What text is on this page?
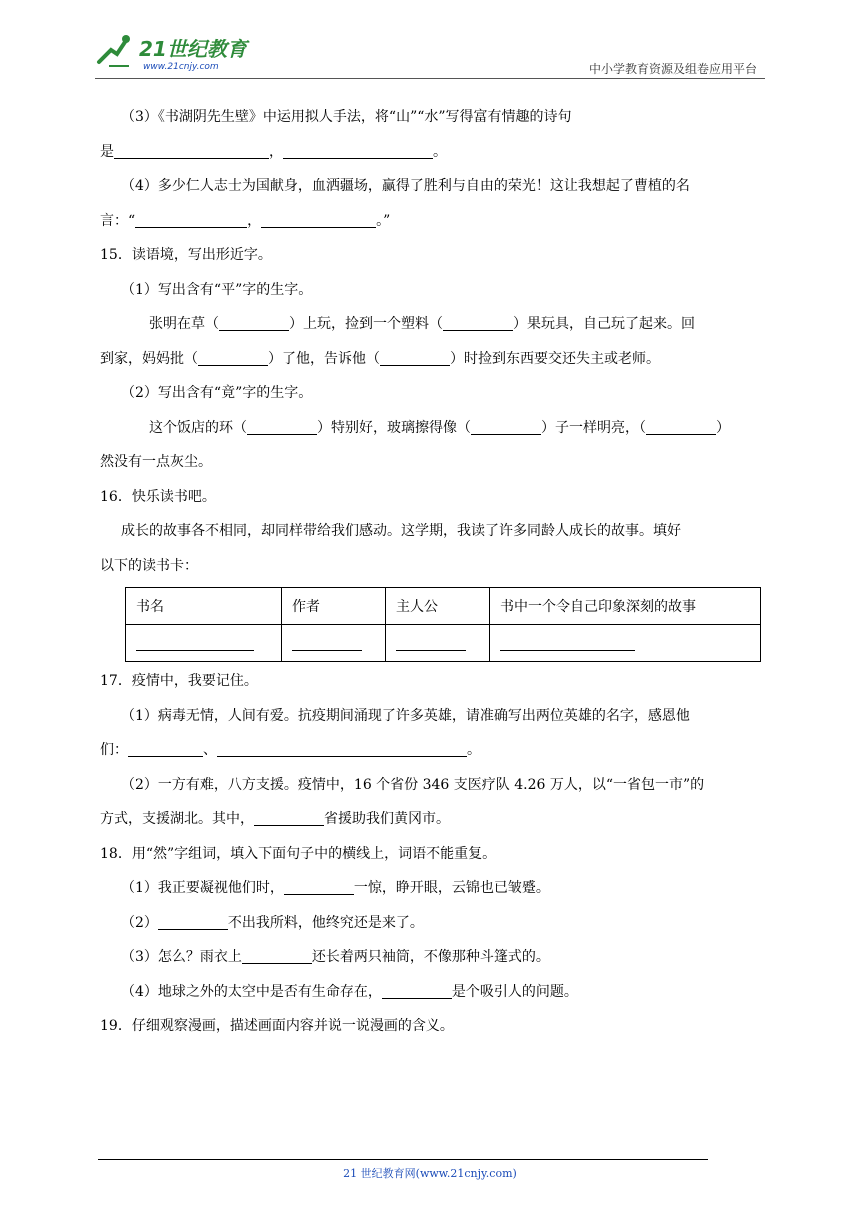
21世纪教育
www.21cnjy.com	中小学教育资源及组卷应用平台
（3）《书湖阴先生壁》中运用拟人手法，将“山”“水”写得富有情趣的诗句
是	，	。
（4）多少仁人志士为国献身，血洒疆场，赢得了胜利与自由的荣光！这让我想起了曹植的名
言：“	，	。”
15．读语境，写出形近字。
（1）写出含有“平”字的生字。
张明在草（	）上玩，捡到一个塑料（	）果玩具，自己玩了起来。回
到家，妈妈批（	）了他，告诉他（	）时捡到东西要交还失主或老师。
（2）写出含有“竟”字的生字。
这个饭店的环（	）特别好，玻璃擦得像（	）子一样明亮，（	）
然没有一点灰尘。
16．快乐读书吧。
成长的故事各不相同，却同样带给我们感动。这学期，我读了许多同龄人成长的故事。填好
以下的读书卡：
书名	作者	主人公	书中一个令自己印象深刻的故事

17．疫情中，我要记住。
（1）病毒无情，人间有爱。抗疫期间涌现了许多英雄，请准确写出两位英雄的名字，感恩他
们：	、	。
（2）一方有难，八方支援。疫情中，16 个省份 346 支医疗队 4.26 万人，以“一省包一市”的
方式，支援湖北。其中，	省援助我们黄冈市。
18．用“然”字组词，填入下面句子中的横线上，词语不能重复。
（1）我正要凝视他们时，	一惊，睁开眼，云锦也已皱蹙。
（2）	不出我所料，他终究还是来了。
（3）怎么？雨衣上	还长着两只袖筒，不像那种斗篷式的。
（4）地球之外的太空中是否有生命存在，	是个吸引人的问题。
19．仔细观察漫画，描述画面内容并说一说漫画的含义。
21 世纪教育网(www.21cnjy.com)
